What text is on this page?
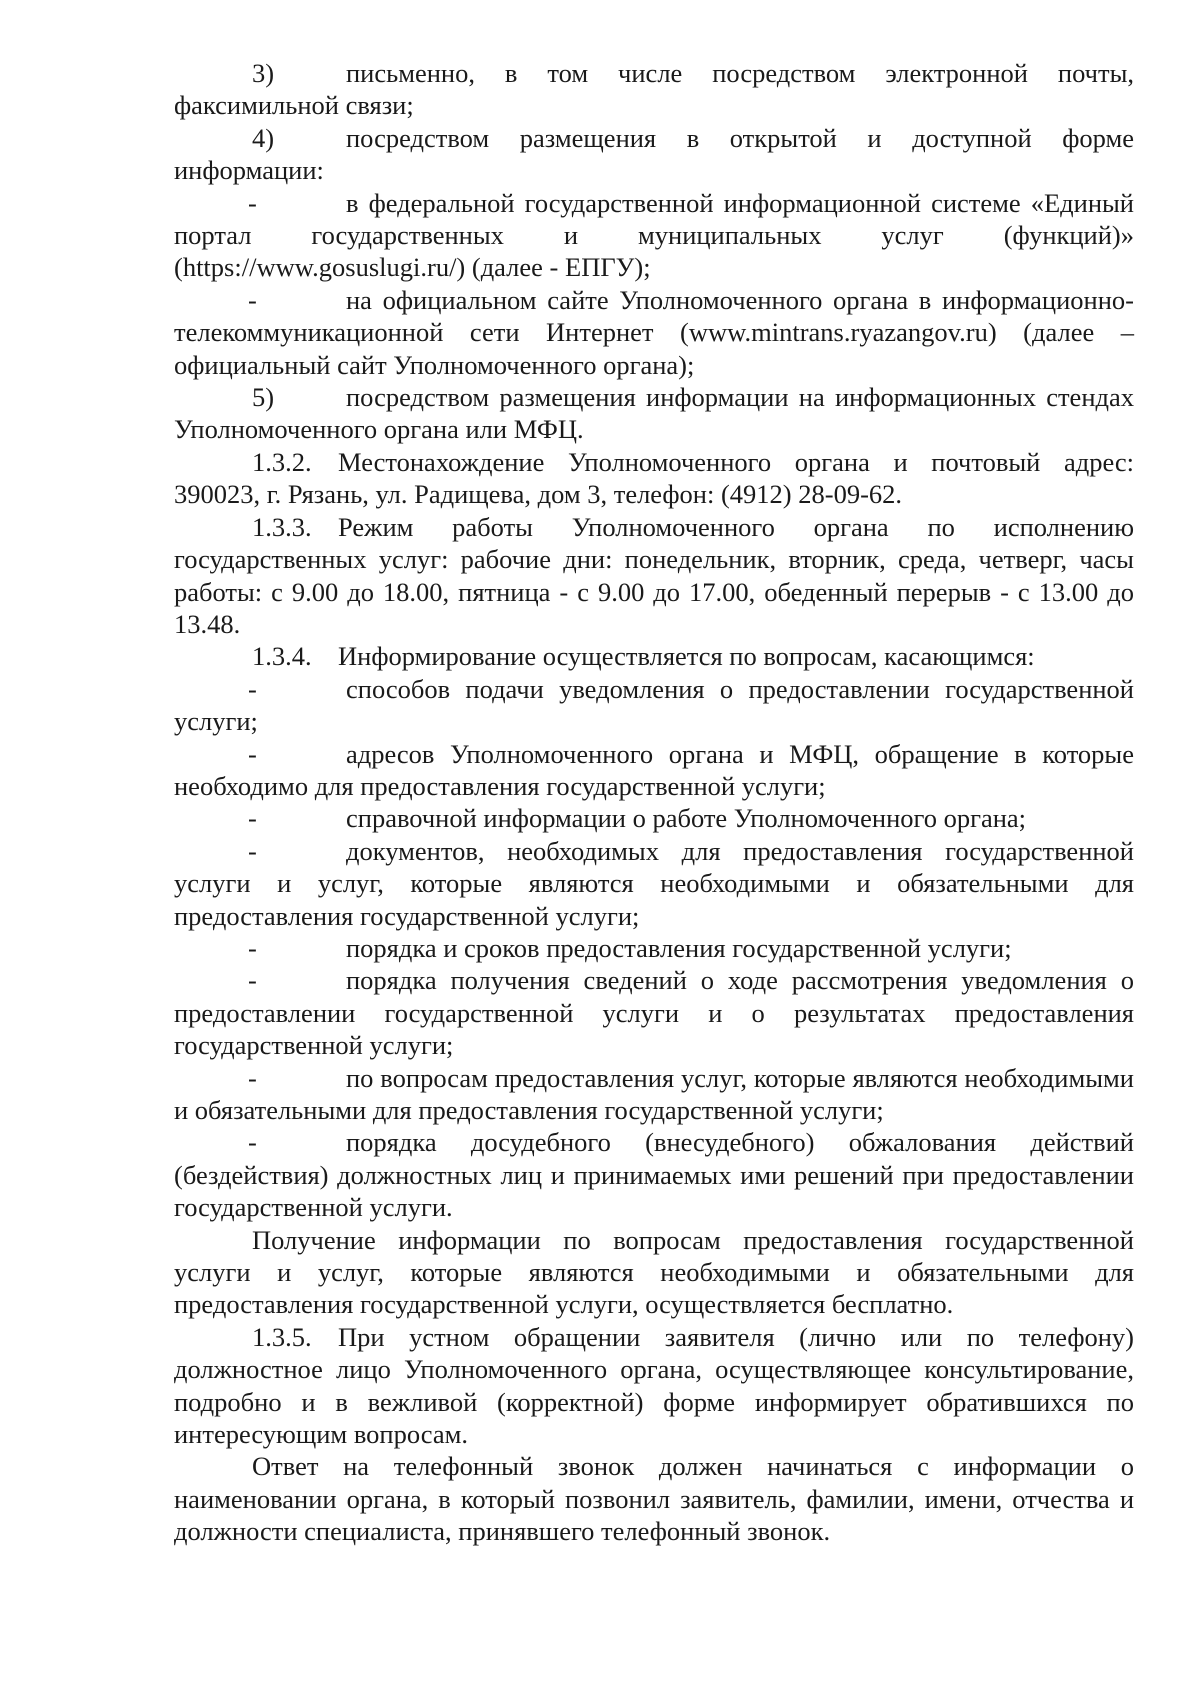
3)	письменно, в том числе посредством электронной почты, факсимильной связи;

4)	посредством размещения в открытой и доступной форме информации:

-	в федеральной государственной информационной системе «Единый портал государственных и муниципальных услуг (функций)» (https://www.gosuslugi.ru/) (далее - ЕПГУ);

-	на официальном сайте Уполномоченного органа в информационно-телекоммуникационной сети Интернет (www.mintrans.ryazangov.ru) (далее – официальный сайт Уполномоченного органа);

5)	посредством размещения информации на информационных стендах Уполномоченного органа или МФЦ.

1.3.2. Местонахождение Уполномоченного органа и почтовый адрес: 390023, г. Рязань, ул. Радищева, дом 3, телефон: (4912) 28-09-62.

1.3.3. Режим работы Уполномоченного органа по исполнению государственных услуг: рабочие дни: понедельник, вторник, среда, четверг, часы работы: с 9.00 до 18.00, пятница - с 9.00 до 17.00, обеденный перерыв - с 13.00 до 13.48.

1.3.4. Информирование осуществляется по вопросам, касающимся:

-	способов подачи уведомления о предоставлении государственной услуги;

-	адресов Уполномоченного органа и МФЦ, обращение в которые необходимо для предоставления государственной услуги;

-	справочной информации о работе Уполномоченного органа;

-	документов, необходимых для предоставления государственной услуги и услуг, которые являются необходимыми и обязательными для предоставления государственной услуги;

-	порядка и сроков предоставления государственной услуги;

-	порядка получения сведений о ходе рассмотрения уведомления о предоставлении государственной услуги и о результатах предоставления государственной услуги;

-	по вопросам предоставления услуг, которые являются необходимыми и обязательными для предоставления государственной услуги;

-	порядка досудебного (внесудебного) обжалования действий (бездействия) должностных лиц и принимаемых ими решений при предоставлении государственной услуги.

Получение информации по вопросам предоставления государственной услуги и услуг, которые являются необходимыми и обязательными для предоставления государственной услуги, осуществляется бесплатно.

1.3.5. При устном обращении заявителя (лично или по телефону) должностное лицо Уполномоченного органа, осуществляющее консультирование, подробно и в вежливой (корректной) форме информирует обратившихся по интересующим вопросам.

Ответ на телефонный звонок должен начинаться с информации о наименовании органа, в который позвонил заявитель, фамилии, имени, отчества и должности специалиста, принявшего телефонный звонок.
